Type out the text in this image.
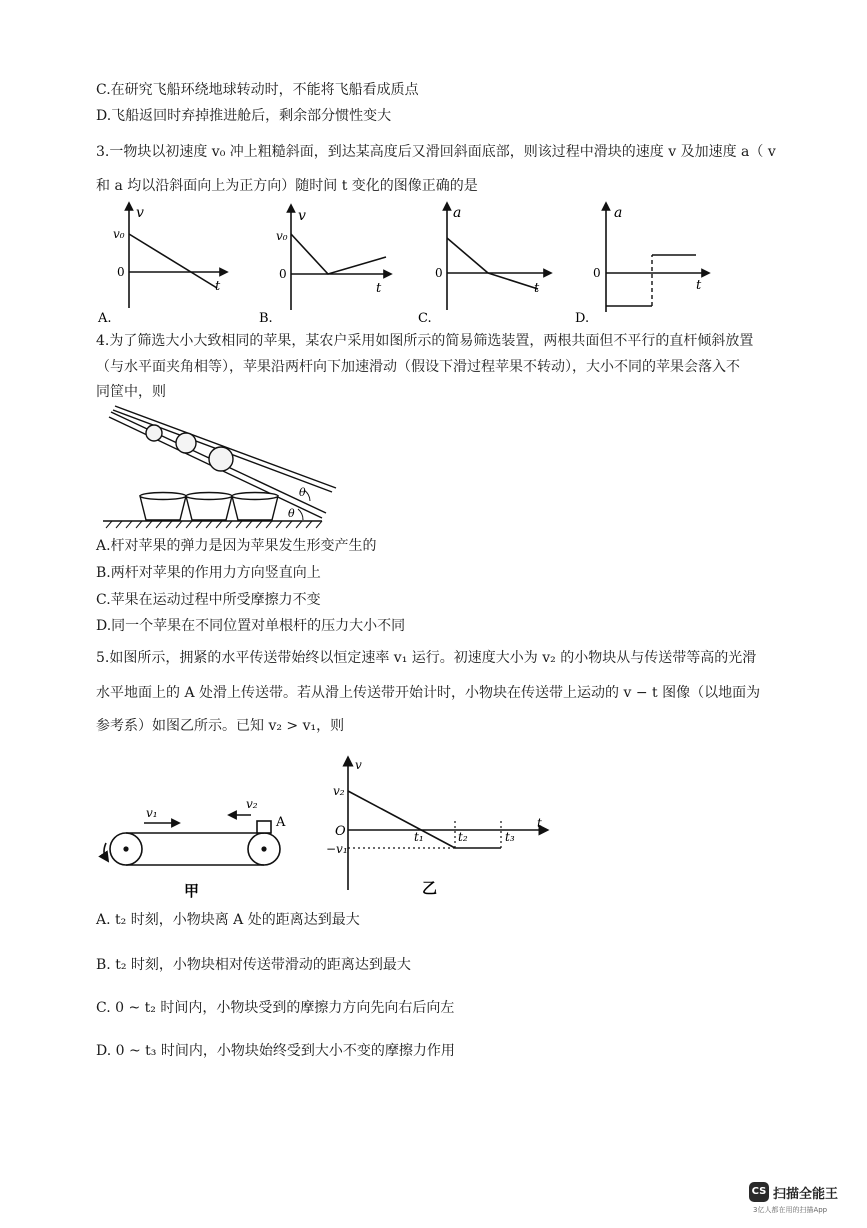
C.在研究飞船环绕地球转动时，不能将飞船看成质点
D.飞船返回时弃掉推进舱后，剩余部分惯性变大
3.一物块以初速度 v₀ 冲上粗糙斜面，到达某高度后又滑回斜面底部，则该过程中滑块的速度 v 及加速度 a（ v
和 a 均以沿斜面向上为正方向）随时间 t 变化的图像正确的是
v
v₀
0
t
A.
v
v₀
0
t
B.
a
0
t
C.
a
0
t
D.
4.为了筛选大小大致相同的苹果，某农户采用如图所示的简易筛选装置，两根共面但不平行的直杆倾斜放置
（与水平面夹角相等），苹果沿两杆向下加速滑动（假设下滑过程苹果不转动），大小不同的苹果会落入不
同筐中，则
θ
θ
A.杆对苹果的弹力是因为苹果发生形变产生的
B.两杆对苹果的作用力方向竖直向上
C.苹果在运动过程中所受摩擦力不变
D.同一个苹果在不同位置对单根杆的压力大小不同
5.如图所示，拥紧的水平传送带始终以恒定速率 v₁ 运行。初速度大小为 v₂ 的小物块从与传送带等高的光滑
水平地面上的 A 处滑上传送带。若从滑上传送带开始计时，小物块在传送带上运动的 v − t 图像（以地面为
参考系）如图乙所示。已知 v₂ > v₁，则
v₁
v₂
A
甲
v
v₂
O
−v₁
t₁	t₂	t₃
t
乙
A. t₂ 时刻，小物块离 A 处的距离达到最大
B. t₂ 时刻，小物块相对传送带滑动的距离达到最大
C. 0 ~ t₂ 时间内，小物块受到的摩擦力方向先向右后向左
D. 0 ~ t₃ 时间内，小物块始终受到大小不变的摩擦力作用
CS 扫描全能王
3亿人都在用的扫描App
